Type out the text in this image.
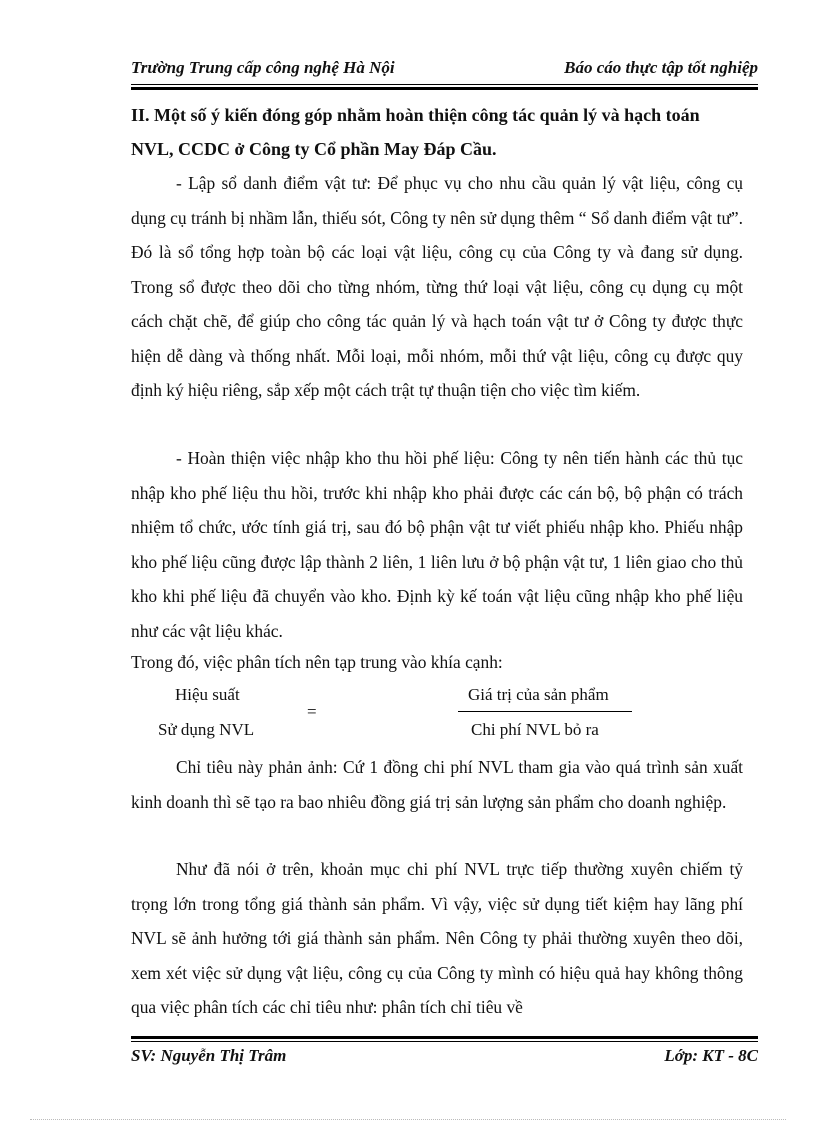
Trường Trung cấp công nghệ Hà Nội	Báo cáo thực tập tốt nghiệp
II. Một số ý kiến đóng góp nhằm hoàn thiện công tác quản lý và hạch toán NVL, CCDC ở Công ty Cổ phần May Đáp Cầu.
- Lập sổ danh điểm vật tư: Để phục vụ cho nhu cầu quản lý vật liệu, công cụ dụng cụ tránh bị nhầm lẫn, thiếu sót, Công ty nên sử dụng thêm “ Sổ danh điểm vật tư”. Đó là sổ tổng hợp toàn bộ các loại vật liệu, công cụ của Công ty và đang sử dụng. Trong sổ được theo dõi cho từng nhóm, từng thứ loại vật liệu, công cụ dụng cụ một cách chặt chẽ, để giúp cho công tác quản lý và hạch toán vật tư ở Công ty được thực hiện dễ dàng và thống nhất. Mỗi loại, mỗi nhóm, mỗi thứ vật liệu, công cụ được quy định ký hiệu riêng, sắp xếp một cách trật tự thuận tiện cho việc tìm kiếm.
- Hoàn thiện việc nhập kho thu hồi phế liệu: Công ty nên tiến hành các thủ tục nhập kho phế liệu thu hồi, trước khi nhập kho phải được các cán bộ, bộ phận có trách nhiệm tổ chức, ước tính giá trị, sau đó bộ phận vật tư viết phiếu nhập kho. Phiếu nhập kho phế liệu cũng được lập thành 2 liên, 1 liên lưu ở bộ phận vật tư, 1 liên giao cho thủ kho khi phế liệu đã chuyển vào kho. Định kỳ kế toán vật liệu cũng nhập kho phế liệu như các vật liệu khác.
Trong đó, việc phân tích nên tạp trung vào khía cạnh:
Hiệu suất
Sử dụng NVL
=
Giá trị của sản phẩm
Chi phí NVL bỏ ra
Chỉ tiêu này phản ảnh: Cứ 1 đồng chi phí NVL tham gia vào quá trình sản xuất kinh doanh thì sẽ tạo ra bao nhiêu đồng giá trị sản lượng sản phẩm cho doanh nghiệp.
Như đã nói ở trên, khoản mục chi phí NVL trực tiếp thường xuyên chiếm tỷ trọng lớn trong tổng giá thành sản phẩm. Vì vậy, việc sử dụng tiết kiệm hay lãng phí NVL sẽ ảnh hưởng tới giá thành sản phẩm. Nên Công ty phải thường xuyên theo dõi, xem xét việc sử dụng vật liệu, công cụ của Công ty mình có hiệu quả hay không thông qua việc phân tích các chỉ tiêu như: phân tích chỉ tiêu về
SV: Nguyễn Thị Trâm	Lớp: KT - 8C
